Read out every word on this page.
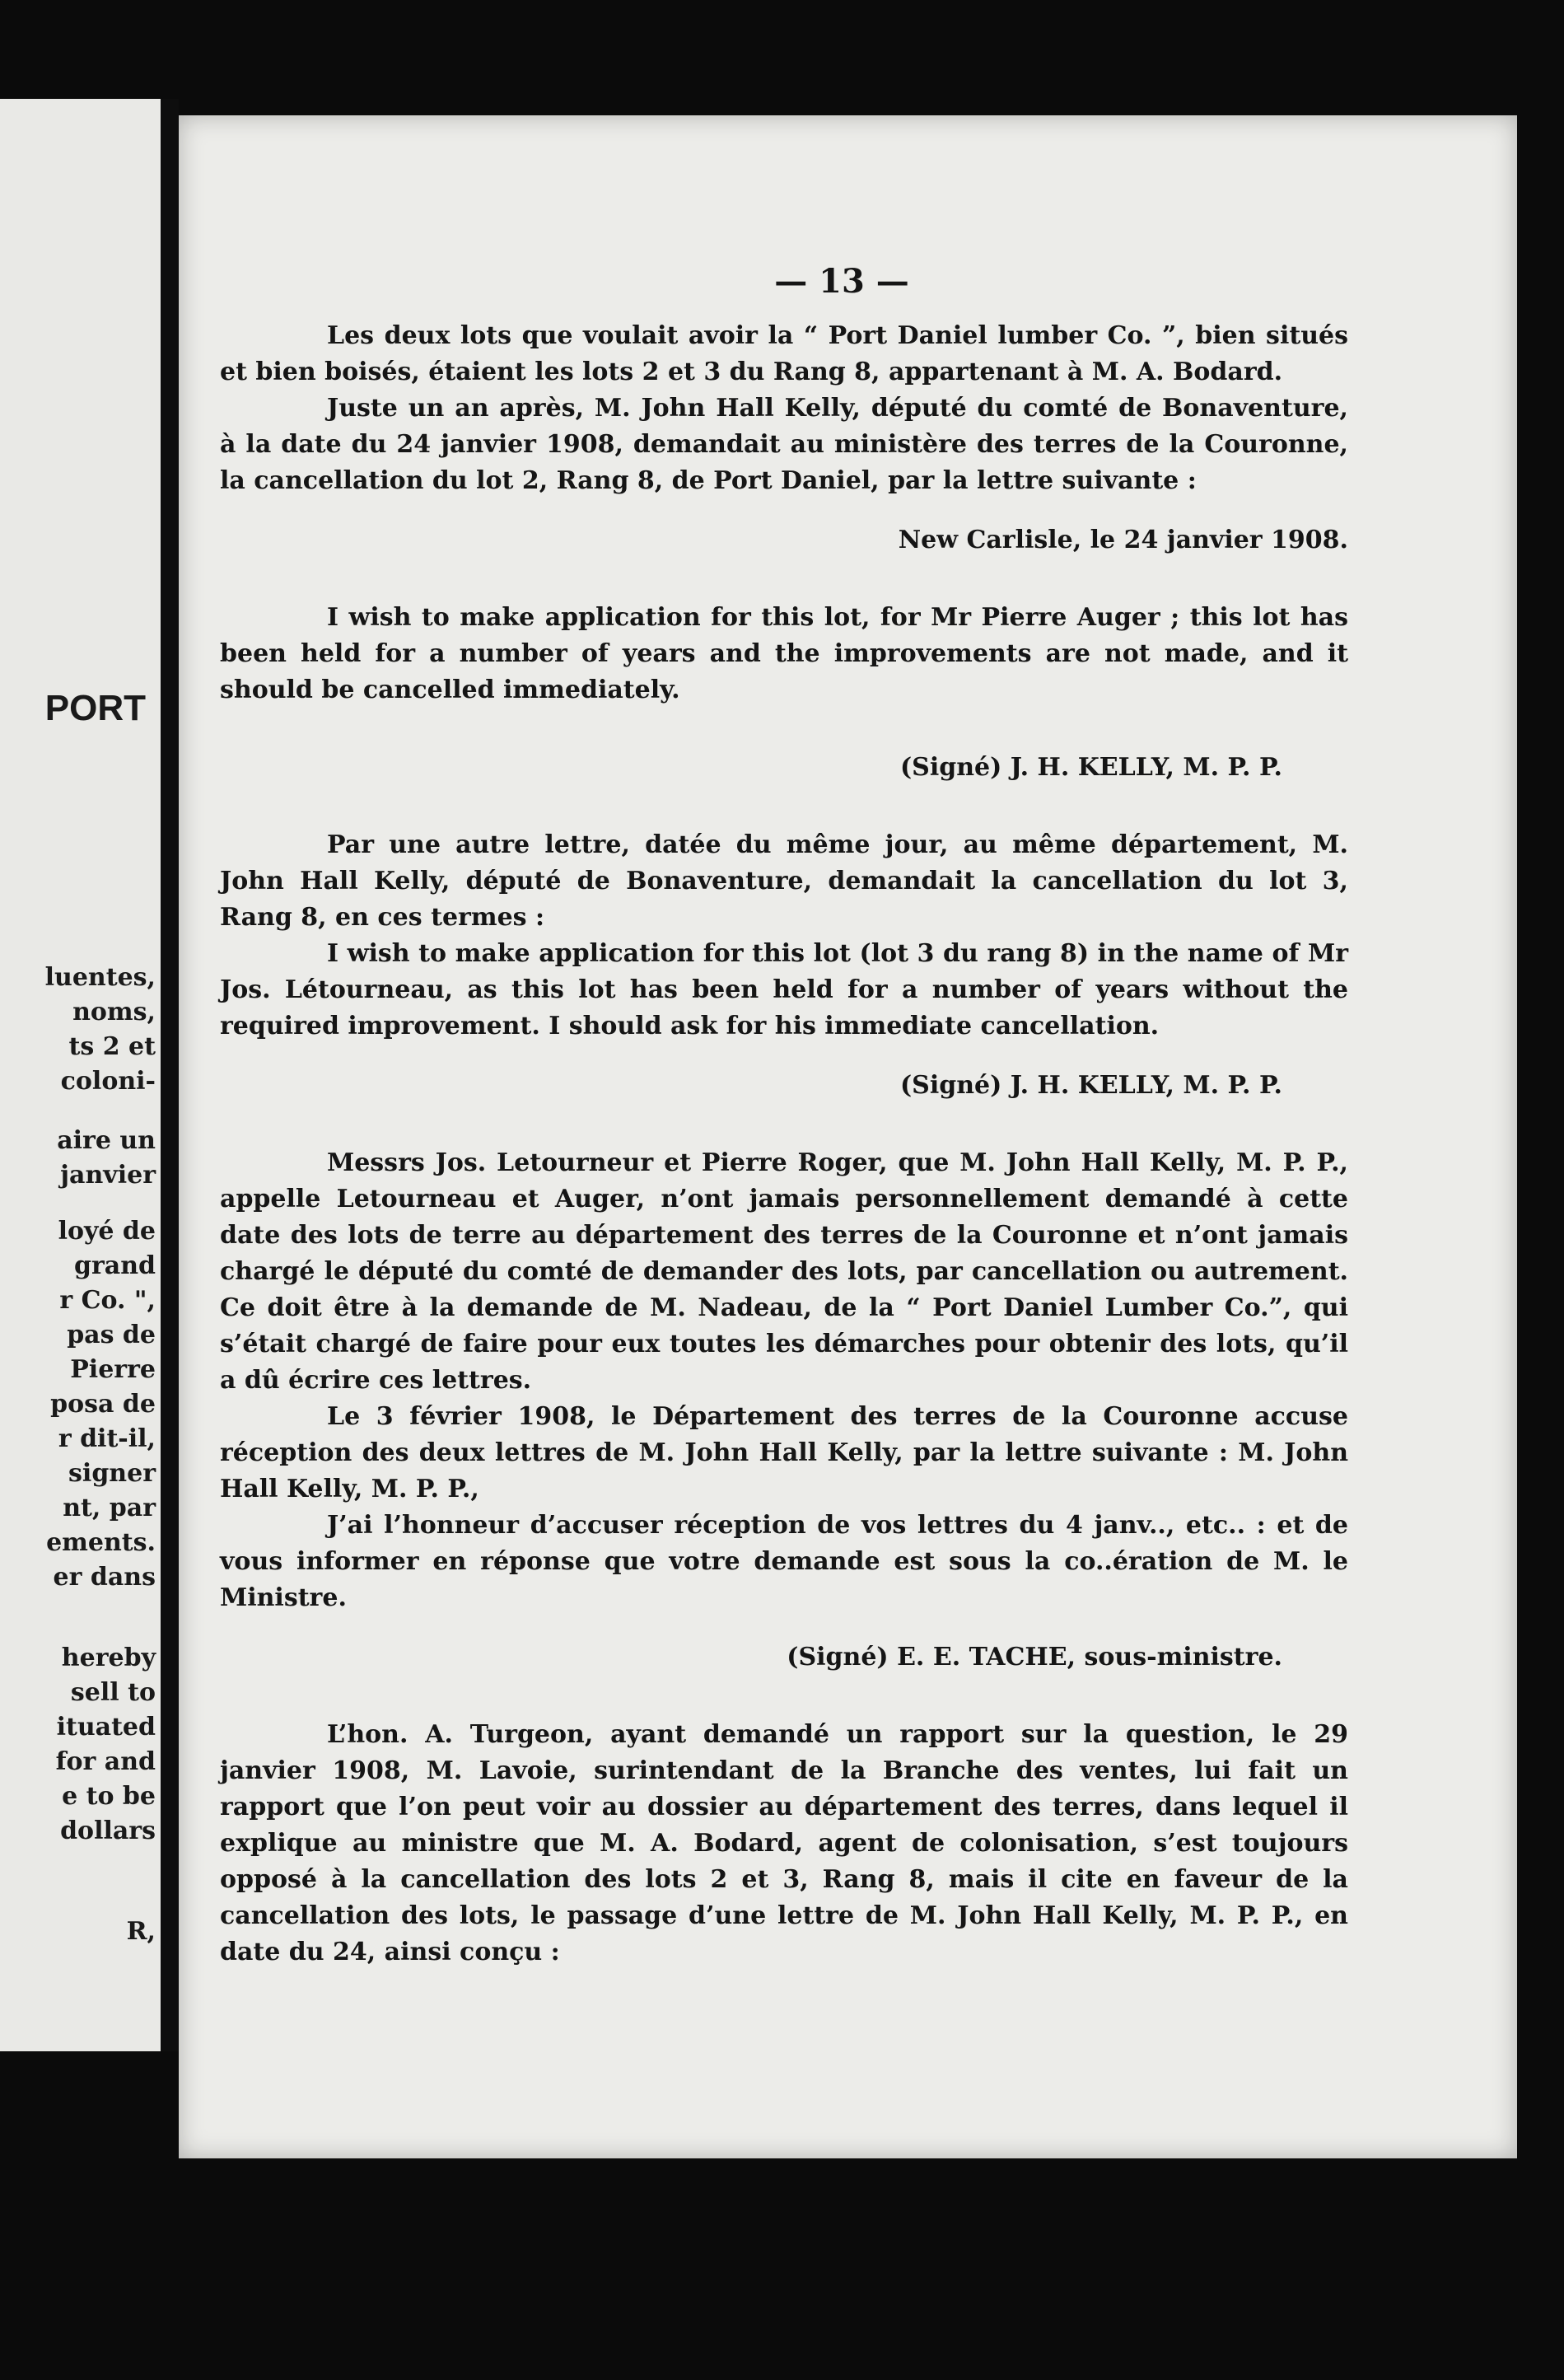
PORT
luentes,
noms,
ts 2 et
coloni-
aire un
janvier
loyé de
grand
r Co. ",
pas de
Pierre
posa de
r dit-il,
signer
nt, par
ements.
er dans
hereby
sell to
ituated
for and
e to be
dollars
R,
— 13 —

Les deux lots que voulait avoir la “ Port Daniel lumber Co. ”, bien situés et bien boisés, étaient les lots 2 et 3 du Rang 8, appartenant à M. A. Bodard.

Juste un an après, M. John Hall Kelly, député du comté de Bonaventure, à la date du 24 janvier 1908, demandait au ministère des terres de la Couronne, la cancellation du lot 2, Rang 8, de Port Daniel, par la lettre suivante :

New Carlisle, le 24 janvier 1908.

I wish to make application for this lot, for Mr Pierre Auger ; this lot has been held for a number of years and the improvements are not made, and it should be cancelled immediately.

(Signé) J. H. KELLY, M. P. P.

Par une autre lettre, datée du même jour, au même département, M. John Hall Kelly, député de Bonaventure, demandait la cancellation du lot 3, Rang 8, en ces termes :

I wish to make application for this lot (lot 3 du rang 8) in the name of Mr Jos. Létourneau, as this lot has been held for a number of years without the required improvement. I should ask for his immediate cancellation.

(Signé) J. H. KELLY, M. P. P.

Messrs Jos. Letourneur et Pierre Roger, que M. John Hall Kelly, M. P. P., appelle Letourneau et Auger, n’ont jamais personnellement demandé à cette date des lots de terre au département des terres de la Couronne et n’ont jamais chargé le député du comté de demander des lots, par cancellation ou autrement. Ce doit être à la demande de M. Nadeau, de la “ Port Daniel Lumber Co.”, qui s’était chargé de faire pour eux toutes les démarches pour obtenir des lots, qu’il a dû écrire ces lettres.

Le 3 février 1908, le Département des terres de la Couronne accuse réception des deux lettres de M. John Hall Kelly, par la lettre suivante : M. John Hall Kelly, M. P. P.,

J’ai l’honneur d’accuser réception de vos lettres du 4 janv.., etc.. : et de vous informer en réponse que votre demande est sous la co..ération de M. le Ministre.

(Signé) E. E. TACHE, sous-ministre.

L’hon. A. Turgeon, ayant demandé un rapport sur la question, le 29 janvier 1908, M. Lavoie, surintendant de la Branche des ventes, lui fait un rapport que l’on peut voir au dossier au département des terres, dans lequel il explique au ministre que M. A. Bodard, agent de colonisation, s’est toujours opposé à la cancellation des lots 2 et 3, Rang 8, mais il cite en faveur de la cancellation des lots, le passage d’une lettre de M. John Hall Kelly, M. P. P., en date du 24, ainsi conçu :
